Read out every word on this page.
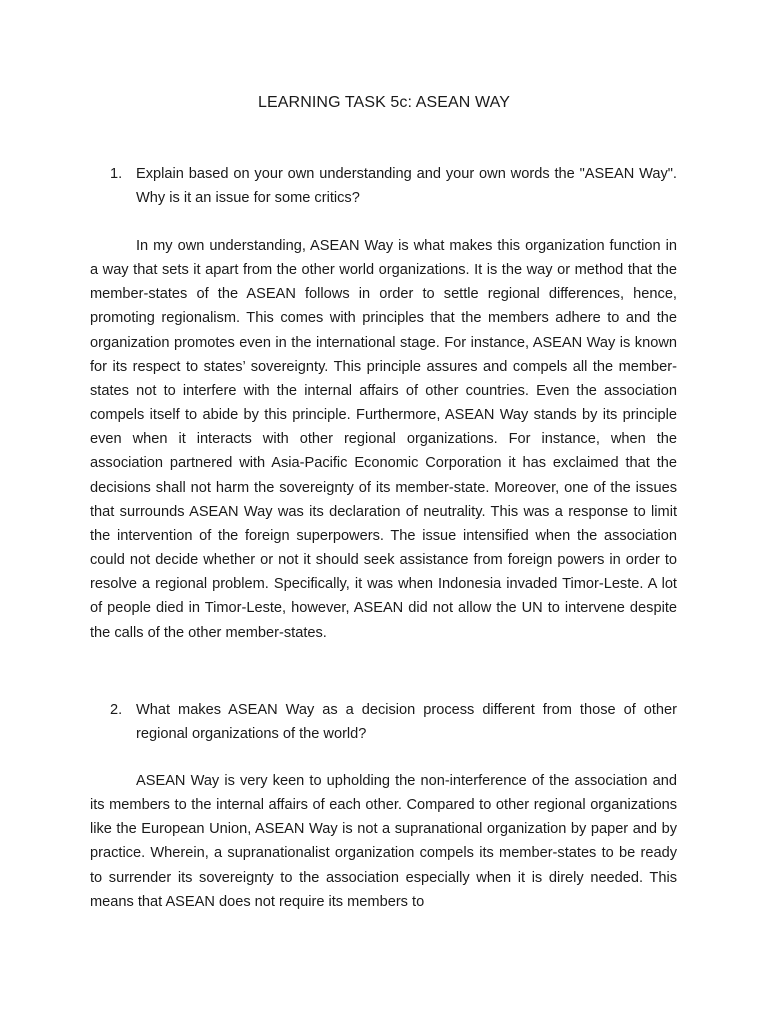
LEARNING TASK 5c: ASEAN WAY
1. Explain based on your own understanding and your own words the "ASEAN Way". Why is it an issue for some critics?

In my own understanding, ASEAN Way is what makes this organization function in a way that sets it apart from the other world organizations. It is the way or method that the member-states of the ASEAN follows in order to settle regional differences, hence, promoting regionalism. This comes with principles that the members adhere to and the organization promotes even in the international stage. For instance, ASEAN Way is known for its respect to states’ sovereignty. This principle assures and compels all the member-states not to interfere with the internal affairs of other countries. Even the association compels itself to abide by this principle. Furthermore, ASEAN Way stands by its principle even when it interacts with other regional organizations. For instance, when the association partnered with Asia-Pacific Economic Corporation it has exclaimed that the decisions shall not harm the sovereignty of its member-state. Moreover, one of the issues that surrounds ASEAN Way was its declaration of neutrality. This was a response to limit the intervention of the foreign superpowers. The issue intensified when the association could not decide whether or not it should seek assistance from foreign powers in order to resolve a regional problem. Specifically, it was when Indonesia invaded Timor-Leste. A lot of people died in Timor-Leste, however, ASEAN did not allow the UN to intervene despite the calls of the other member-states.

2. What makes ASEAN Way as a decision process different from those of other regional organizations of the world?

ASEAN Way is very keen to upholding the non-interference of the association and its members to the internal affairs of each other. Compared to other regional organizations like the European Union, ASEAN Way is not a supranational organization by paper and by practice. Wherein, a supranationalist organization compels its member-states to be ready to surrender its sovereignty to the association especially when it is direly needed. This means that ASEAN does not require its members to
